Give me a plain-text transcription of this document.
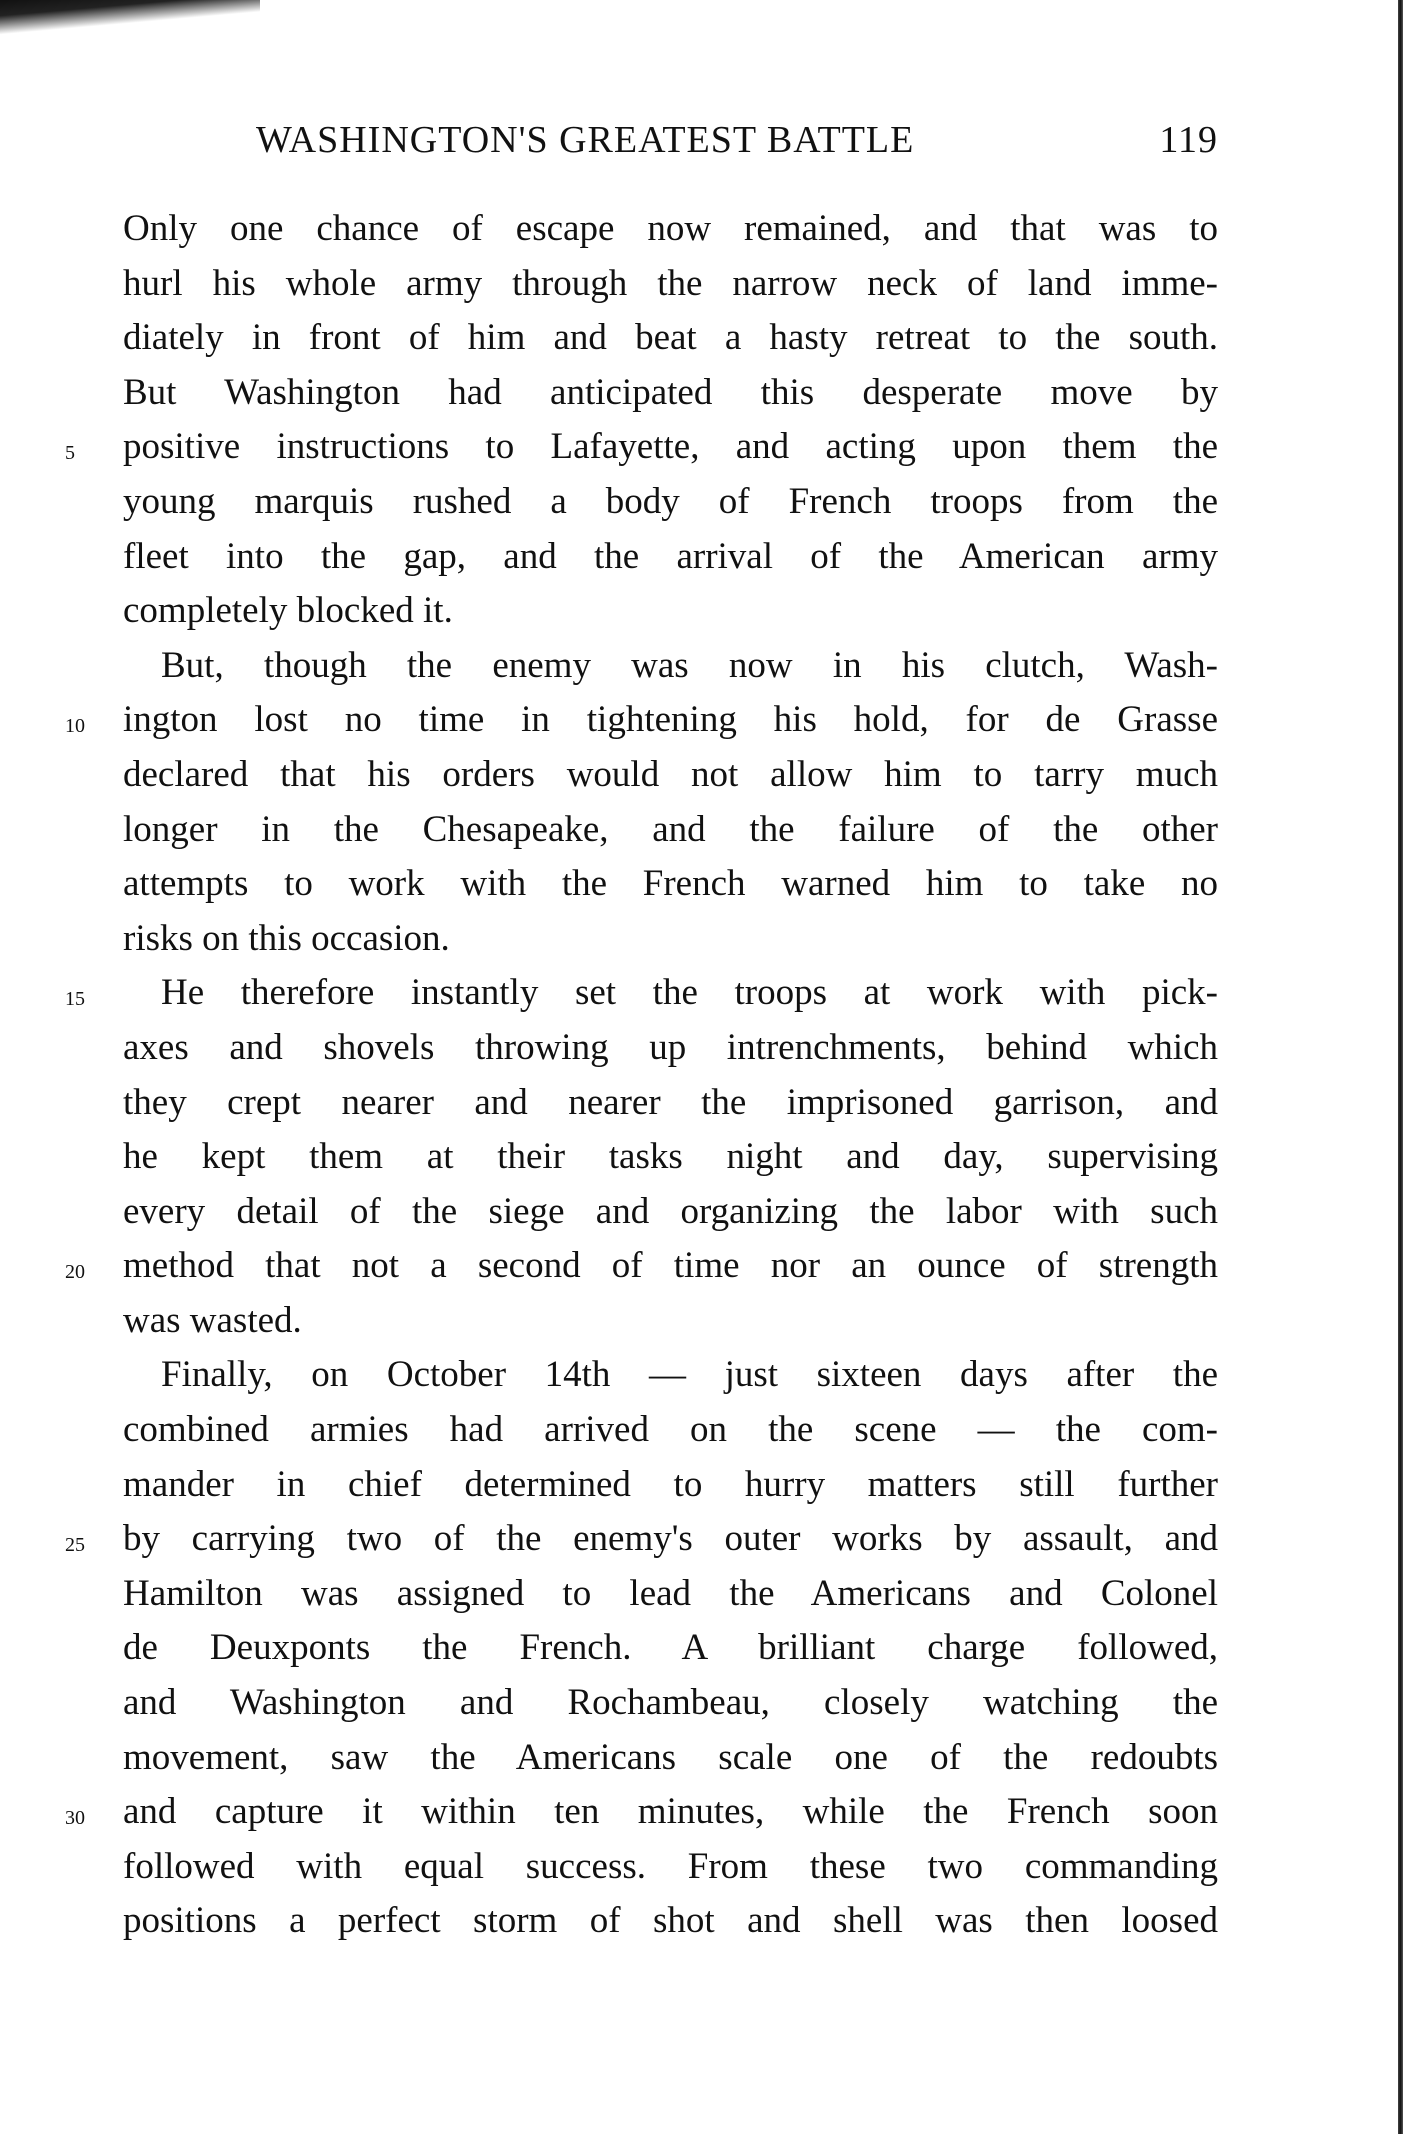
WASHINGTON'S GREATEST BATTLE	119
Only one chance of escape now remained, and that was to
hurl his whole army through the narrow neck of land imme-
diately in front of him and beat a hasty retreat to the south.
But Washington had anticipated this desperate move by
positive instructions to Lafayette, and acting upon them the
5
young marquis rushed a body of French troops from the
fleet into the gap, and the arrival of the American army
completely blocked it.
But, though the enemy was now in his clutch, Wash-
ington lost no time in tightening his hold, for de Grasse
10
declared that his orders would not allow him to tarry much
longer in the Chesapeake, and the failure of the other
attempts to work with the French warned him to take no
risks on this occasion.
He therefore instantly set the troops at work with pick-
15
axes and shovels throwing up intrenchments, behind which
they crept nearer and nearer the imprisoned garrison, and
he kept them at their tasks night and day, supervising
every detail of the siege and organizing the labor with such
method that not a second of time nor an ounce of strength
20
was wasted.
Finally, on October 14th — just sixteen days after the
combined armies had arrived on the scene — the com-
mander in chief determined to hurry matters still further
by carrying two of the enemy's outer works by assault, and
25
Hamilton was assigned to lead the Americans and Colonel
de Deuxponts the French. A brilliant charge followed,
and Washington and Rochambeau, closely watching the
movement, saw the Americans scale one of the redoubts
and capture it within ten minutes, while the French soon
30
followed with equal success. From these two commanding
positions a perfect storm of shot and shell was then loosed
